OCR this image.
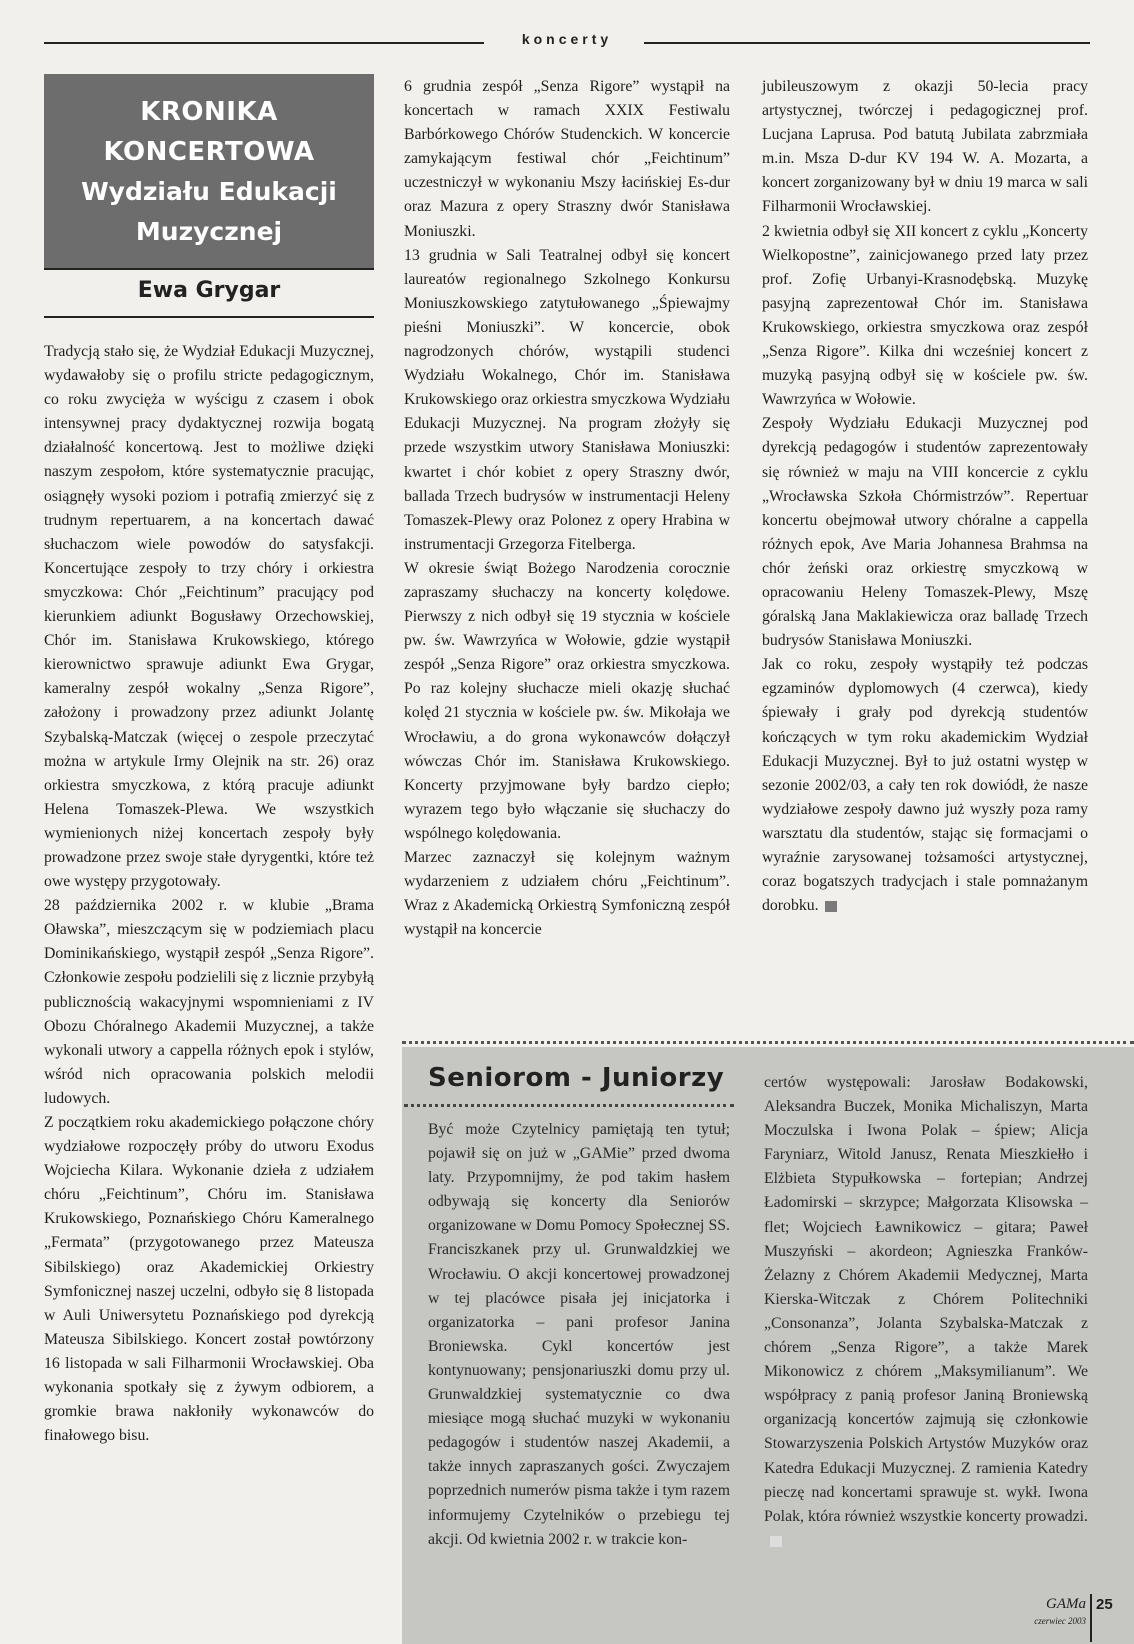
koncerty
KRONIKA
KONCERTOWA
Wydziału Edukacji
Muzycznej
Ewa Grygar

Tradycją stało się, że Wydział Edukacji Muzycznej, wydawałoby się o profilu stricte pedagogicznym, co roku zwycięża w wyścigu z czasem i obok intensywnej pracy dydaktycznej rozwija bogatą działalność koncertową. Jest to możliwe dzięki naszym zespołom, które systematycznie pracując, osiągnęły wysoki poziom i potrafią zmierzyć się z trudnym repertuarem, a na koncertach dawać słuchaczom wiele powodów do satysfakcji. Koncertujące zespoły to trzy chóry i orkiestra smyczkowa: Chór „Feichtinum” pracujący pod kierunkiem adiunkt Bogusławy Orzechowskiej, Chór im. Stanisława Krukowskiego, którego kierownictwo sprawuje adiunkt Ewa Grygar, kameralny zespół wokalny „Senza Rigore”, założony i prowadzony przez adiunkt Jolantę Szybalską-Matczak (więcej o zespole przeczytać można w artykule Irmy Olejnik na str. 26) oraz orkiestra smyczkowa, z którą pracuje adiunkt Helena Tomaszek-Plewa. We wszystkich wymienionych niżej koncertach zespoły były prowadzone przez swoje stałe dyrygentki, które też owe występy przygotowały.

28 października 2002 r. w klubie „Brama Oławska”, mieszczącym się w podziemiach placu Dominikańskiego, wystąpił zespół „Senza Rigore”. Członkowie zespołu podzielili się z licznie przybyłą publicznością wakacyjnymi wspomnieniami z IV Obozu Chóralnego Akademii Muzycznej, a także wykonali utwory a cappella różnych epok i stylów, wśród nich opracowania polskich melodii ludowych.

Z początkiem roku akademickiego połączone chóry wydziałowe rozpoczęły próby do utworu Exodus Wojciecha Kilara. Wykonanie dzieła z udziałem chóru „Feichtinum”, Chóru im. Stanisława Krukowskiego, Poznańskiego Chóru Kameralnego „Fermata” (przygotowanego przez Mateusza Sibilskiego) oraz Akademickiej Orkiestry Symfonicznej naszej uczelni, odbyło się 8 listopada w Auli Uniwersytetu Poznańskiego pod dyrekcją Mateusza Sibilskiego. Koncert został powtórzony 16 listopada w sali Filharmonii Wrocławskiej. Oba wykonania spotkały się z żywym odbiorem, a gromkie brawa nakłoniły wykonawców do finałowego bisu.

6 grudnia zespół „Senza Rigore” wystąpił na koncertach w ramach XXIX Festiwalu Barbórkowego Chórów Studenckich. W koncercie zamykającym festiwal chór „Feichtinum” uczestniczył w wykonaniu Mszy łacińskiej Es-dur oraz Mazura z opery Straszny dwór Stanisława Moniuszki.

13 grudnia w Sali Teatralnej odbył się koncert laureatów regionalnego Szkolnego Konkursu Moniuszkowskiego zatytułowanego „Śpiewajmy pieśni Moniuszki”. W koncercie, obok nagrodzonych chórów, wystąpili studenci Wydziału Wokalnego, Chór im. Stanisława Krukowskiego oraz orkiestra smyczkowa Wydziału Edukacji Muzycznej. Na program złożyły się przede wszystkim utwory Stanisława Moniuszki: kwartet i chór kobiet z opery Straszny dwór, ballada Trzech budrysów w instrumentacji Heleny Tomaszek-Plewy oraz Polonez z opery Hrabina w instrumentacji Grzegorza Fitelberga.

W okresie świąt Bożego Narodzenia corocznie zapraszamy słuchaczy na koncerty kolędowe. Pierwszy z nich odbył się 19 stycznia w kościele pw. św. Wawrzyńca w Wołowie, gdzie wystąpił zespół „Senza Rigore” oraz orkiestra smyczkowa. Po raz kolejny słuchacze mieli okazję słuchać kolęd 21 stycznia w kościele pw. św. Mikołaja we Wrocławiu, a do grona wykonawców dołączył wówczas Chór im. Stanisława Krukowskiego. Koncerty przyjmowane były bardzo ciepło; wyrazem tego było włączanie się słuchaczy do wspólnego kolędowania.

Marzec zaznaczył się kolejnym ważnym wydarzeniem z udziałem chóru „Feichtinum”. Wraz z Akademicką Orkiestrą Symfoniczną zespół wystąpił na koncercie

jubileuszowym z okazji 50-lecia pracy artystycznej, twórczej i pedagogicznej prof. Lucjana Laprusa. Pod batutą Jubilata zabrzmiała m.in. Msza D-dur KV 194 W. A. Mozarta, a koncert zorganizowany był w dniu 19 marca w sali Filharmonii Wrocławskiej.

2 kwietnia odbył się XII koncert z cyklu „Koncerty Wielkopostne”, zainicjowanego przed laty przez prof. Zofię Urbanyi-Krasnodębską. Muzykę pasyjną zaprezentował Chór im. Stanisława Krukowskiego, orkiestra smyczkowa oraz zespół „Senza Rigore”. Kilka dni wcześniej koncert z muzyką pasyjną odbył się w kościele pw. św. Wawrzyńca w Wołowie.

Zespoły Wydziału Edukacji Muzycznej pod dyrekcją pedagogów i studentów zaprezentowały się również w maju na VIII koncercie z cyklu „Wrocławska Szkoła Chórmistrzów”. Repertuar koncertu obejmował utwory chóralne a cappella różnych epok, Ave Maria Johannesa Brahmsa na chór żeński oraz orkiestrę smyczkową w opracowaniu Heleny Tomaszek-Plewy, Mszę góralską Jana Maklakiewicza oraz balladę Trzech budrysów Stanisława Moniuszki.

Jak co roku, zespoły wystąpiły też podczas egzaminów dyplomowych (4 czerwca), kiedy śpiewały i grały pod dyrekcją studentów kończących w tym roku akademickim Wydział Edukacji Muzycznej. Był to już ostatni występ w sezonie 2002/03, a cały ten rok dowiódł, że nasze wydziałowe zespoły dawno już wyszły poza ramy warsztatu dla studentów, stając się formacjami o wyraźnie zarysowanej tożsamości artystycznej, coraz bogatszych tradycjach i stale pomnażanym dorobku.

Seniorom - Juniorzy
Być może Czytelnicy pamiętają ten tytuł; pojawił się on już w „GAMie” przed dwoma laty. Przypomnijmy, że pod takim hasłem odbywają się koncerty dla Seniorów organizowane w Domu Pomocy Społecznej SS. Franciszkanek przy ul. Grunwaldzkiej we Wrocławiu. O akcji koncertowej prowadzonej w tej placówce pisała jej inicjatorka i organizatorka – pani profesor Janina Broniewska. Cykl koncertów jest kontynuowany; pensjonariuszki domu przy ul. Grunwaldzkiej systematycznie co dwa miesiące mogą słuchać muzyki w wykonaniu pedagogów i studentów naszej Akademii, a także innych zapraszanych gości. Zwyczajem poprzednich numerów pisma także i tym razem informujemy Czytelników o przebiegu tej akcji. Od kwietnia 2002 r. w trakcie kon-
certów występowali: Jarosław Bodakowski, Aleksandra Buczek, Monika Michaliszyn, Marta Moczulska i Iwona Polak – śpiew; Alicja Faryniarz, Witold Janusz, Renata Mieszkiełło i Elżbieta Stypułkowska – fortepian; Andrzej Ładomirski – skrzypce; Małgorzata Klisowska – flet; Wojciech Ławnikowicz – gitara; Paweł Muszyński – akordeon; Agnieszka Franków-Żelazny z Chórem Akademii Medycznej, Marta Kierska-Witczak z Chórem Politechniki „Consonanza”, Jolanta Szybalska-Matczak z chórem „Senza Rigore”, a także Marek Mikonowicz z chórem „Maksymilianum”. We współpracy z panią profesor Janiną Broniewską organizacją koncertów zajmują się członkowie Stowarzyszenia Polskich Artystów Muzyków oraz Katedra Edukacji Muzycznej. Z ramienia Katedry pieczę nad koncertami sprawuje st. wykł. Iwona Polak, która również wszystkie koncerty prowadzi.
GAMa
czerwiec 2003
25
